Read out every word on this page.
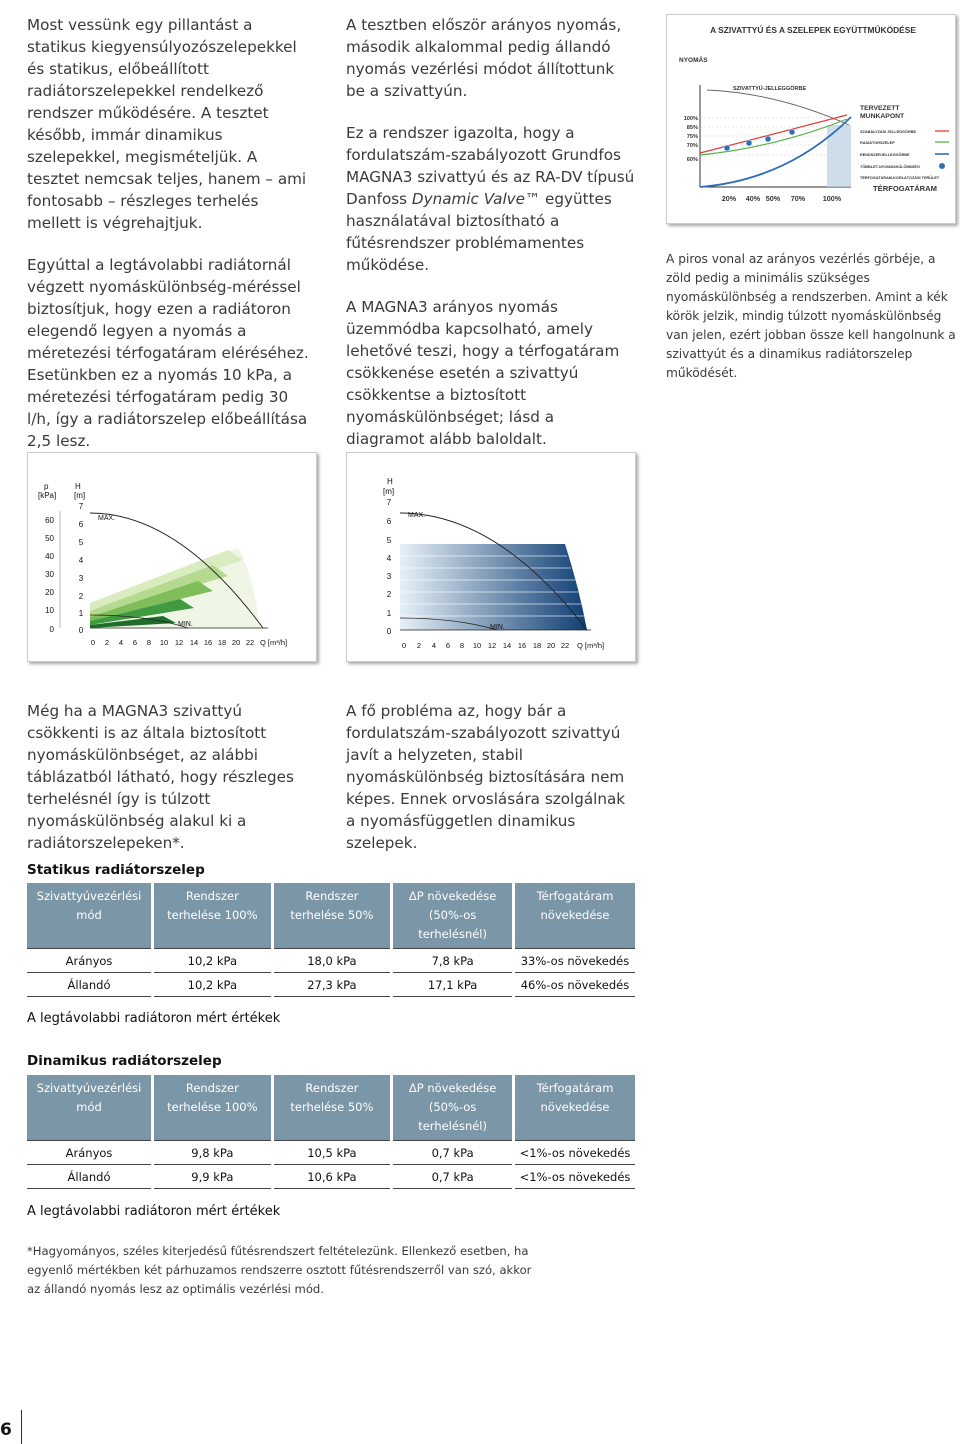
Most vessünk egy pillantást a statikus kiegyensúlyozószelepekkel és statikus, előbeállított radiátorszelepekkel rendelkező rendszer működésére. A tesztet később, immár dinamikus szelepekkel, megismételjük. A tesztet nemcsak teljes, hanem – ami fontosabb – részleges terhelés mellett is végrehajtjuk.

Egyúttal a legtávolabbi radiátornál végzett nyomáskülönbség-méréssel biztosítjuk, hogy ezen a radiátoron elegendő legyen a nyomás a méretezési térfogatáram eléréséhez. Esetünkben ez a nyomás 10 kPa, a méretezési térfogatáram pedig 30 l/h, így a radiátorszelep előbeállítása 2,5 lesz.

A tesztben először arányos nyomás, második alkalommal pedig állandó nyomás vezérlési módot állítottunk be a szivattyún.

Ez a rendszer igazolta, hogy a fordulatszám-szabályozott Grundfos MAGNA3 szivattyú és az RA-DV típusú Danfoss Dynamic Valve™ együttes használatával biztosítható a fűtésrendszer problémamentes működése.

A MAGNA3 arányos nyomás üzemmódba kapcsolható, amely lehetővé teszi, hogy a térfogatáram csökkenése esetén a szivattyú csökkentse a biztosított nyomáskülönbséget; lásd a diagramot alább baloldalt.

A SZIVATTYÚ ÉS A SZELEPEK EGYÜTTMŰKÖDÉSE
NYOMÁS
SZIVATTYÚ-JELLEGGÖRBE
100%
85%
75%
70%
60%
20% 40% 50% 70% 100%
TERVEZETT MUNKAPONT
SZABÁLYZÁSI JELLEGGÖRBE
RADIÁTORSZELEP
RENDSZERJELLEGGÖRBE
TÖBBLET-NYOMÁSKÜLÖNBSÉG
TÉRFOGATÁRAM-KORLÁTOZÁSI TERÜLET
TÉRFOGATÁRAM
A piros vonal az arányos vezérlés görbéje, a zöld pedig a minimális szükséges nyomáskülönbség a rendszerben. Amint a kék körök jelzik, mindig túlzott nyomáskülönbség van jelen, ezért jobban össze kell hangolnunk a szivattyút és a dinamikus radiátorszelep működését.
p
[kPa]
H
[m]
60
50
40
30
20
10
0
7
6
5
4
3
2
1
0
MAX.
MIN.
0 2 4 6 8 10 12 14 16 18 20 22 Q [m³/h]
H
[m]
7
6
5
4
3
2
1
0
MAX.
MIN.
0 2 4 6 8 10 12 14 16 18 20 22 Q [m³/h]

Még ha a MAGNA3 szivattyú csökkenti is az általa biztosított nyomáskülönbséget, az alábbi táblázatból látható, hogy részleges terhelésnél így is túlzott nyomáskülönbség alakul ki a radiátorszelepeken*.

A fő probléma az, hogy bár a fordulatszám-szabályozott szivattyú javít a helyzeten, stabil nyomáskülönbség biztosítására nem képes. Ennek orvoslására szolgálnak a nyomásfüggetlen dinamikus szelepek.

Statikus radiátorszelep
Szivattyúvezérlési mód	Rendszer terhelése 100%	Rendszer terhelése 50%	ΔP növekedése (50%-os terhelésnél)	Térfogatáram növekedése
Arányos	10,2 kPa	18,0 kPa	7,8 kPa	33%-os növekedés
Állandó	10,2 kPa	27,3 kPa	17,1 kPa	46%-os növekedés
A legtávolabbi radiátoron mért értékek
Dinamikus radiátorszelep
Szivattyúvezérlési mód	Rendszer terhelése 100%	Rendszer terhelése 50%	ΔP növekedése (50%-os terhelésnél)	Térfogatáram növekedése
Arányos	9,8 kPa	10,5 kPa	0,7 kPa	<1%-os növekedés
Állandó	9,9 kPa	10,6 kPa	0,7 kPa	<1%-os növekedés
A legtávolabbi radiátoron mért értékek
*Hagyományos, széles kiterjedésű fűtésrendszert feltételezünk. Ellenkező esetben, ha egyenlő mértékben két párhuzamos rendszerre osztott fűtésrendszerről van szó, akkor az állandó nyomás lesz az optimális vezérlési mód.
6
